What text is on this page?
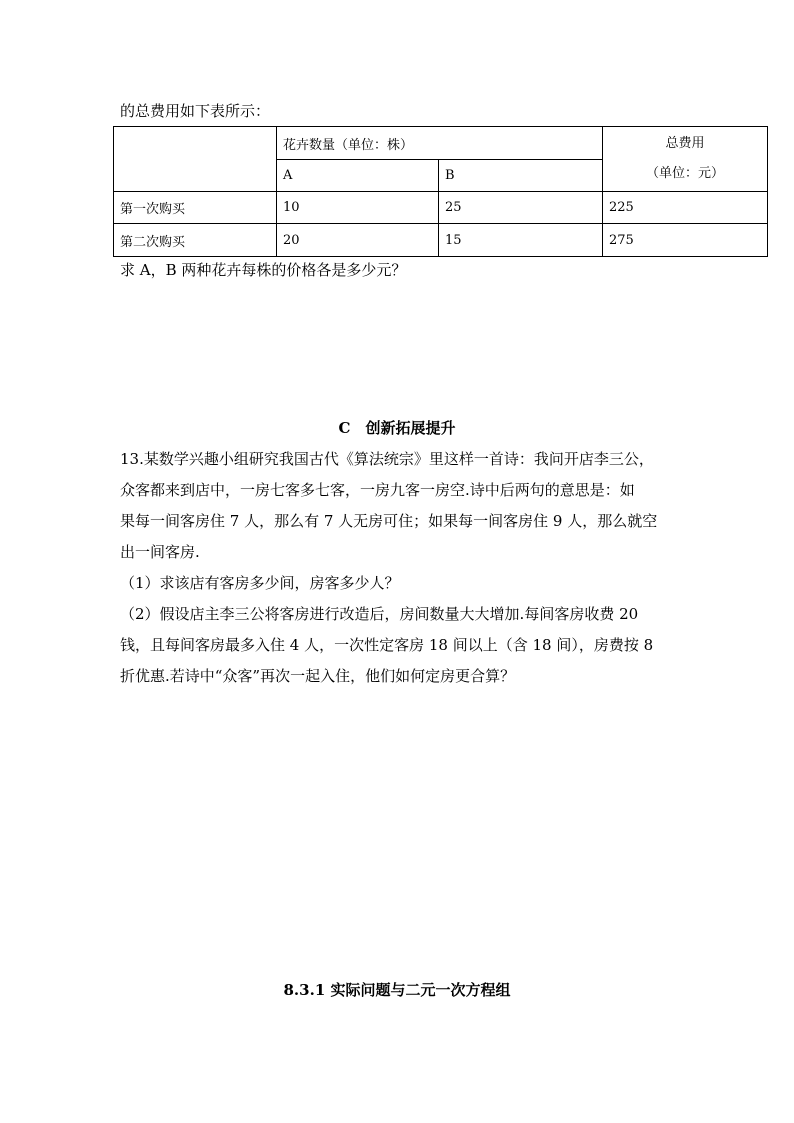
的总费用如下表所示：
	花卉数量（单位：株）		总费用
（单位：元）

	A	B	
第一次购买	10	25	225
第二次购买	20	15	275
求 A，B 两种花卉每株的价格各是多少元？
C　创新拓展提升
13.某数学兴趣小组研究我国古代《算法统宗》里这样一首诗：我问开店李三公，
众客都来到店中，一房七客多七客，一房九客一房空.诗中后两句的意思是：如
果每一间客房住 7 人，那么有 7 人无房可住；如果每一间客房住 9 人，那么就空
出一间客房.
（1）求该店有客房多少间，房客多少人？
（2）假设店主李三公将客房进行改造后，房间数量大大增加.每间客房收费 20
钱，且每间客房最多入住 4 人，一次性定客房 18 间以上（含 18 间），房费按 8
折优惠.若诗中“众客”再次一起入住，他们如何定房更合算？
8.3.1 实际问题与二元一次方程组
